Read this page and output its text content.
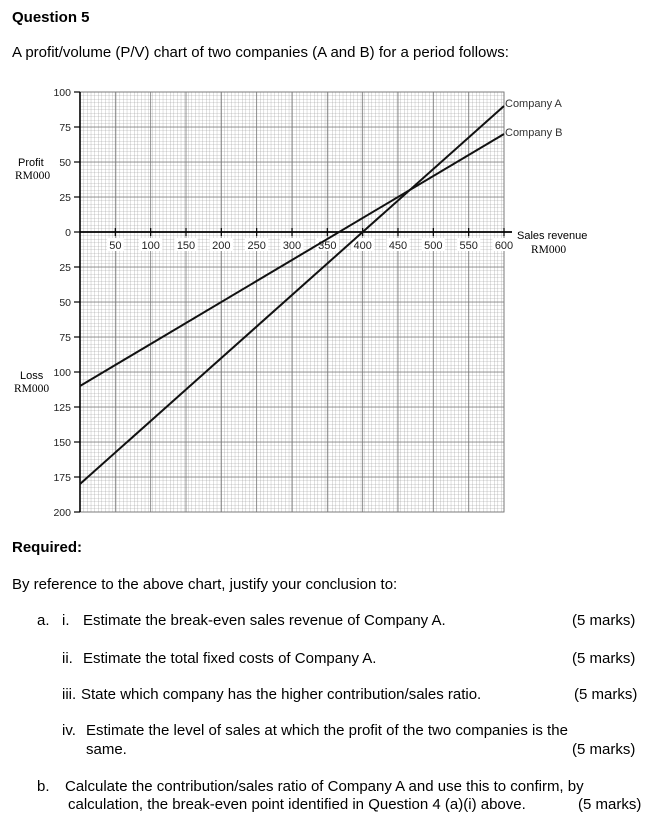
Question 5
A profit/volume (P/V) chart of two companies (A and B) for a period follows:
100
75
50
25
0
25
50
75
100
125
150
175
200
50 100 150 200 250 300 350 400 450 500 550 600
Company A
Company B
Profit
RM000
Loss
RM000
Sales revenue
RM000
Required:
By reference to the above chart, justify your conclusion to:
a. i. Estimate the break-even sales revenue of Company A.	(5 marks)
ii. Estimate the total fixed costs of Company A.	(5 marks)
iii. State which company has the higher contribution/sales ratio.	(5 marks)
iv. Estimate the level of sales at which the profit of the two companies is the
same.	(5 marks)
b. Calculate the contribution/sales ratio of Company A and use this to confirm, by
calculation, the break-even point identified in Question 4 (a)(i) above.	(5 marks)
